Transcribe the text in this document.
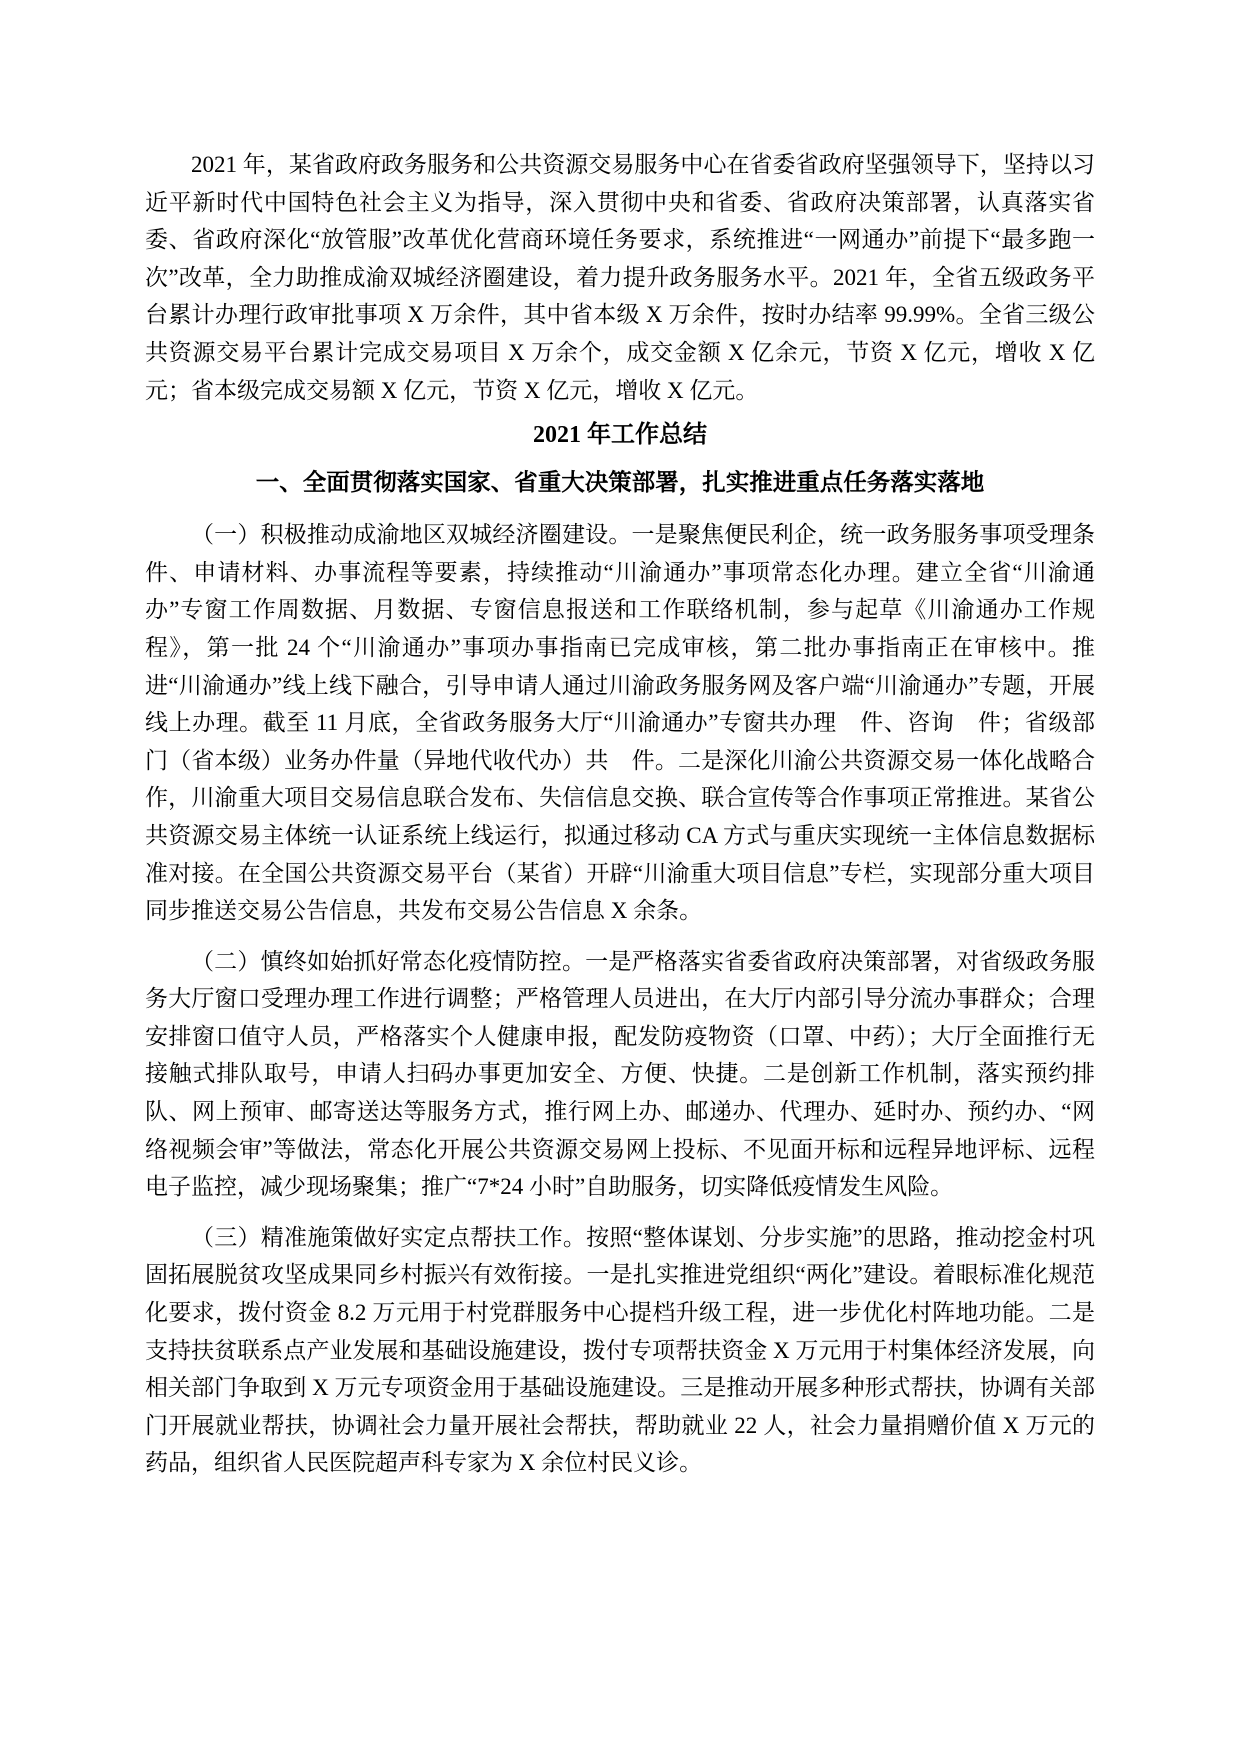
2021 年，某省政府政务服务和公共资源交易服务中心在省委省政府坚强领导下，坚持以习近平新时代中国特色社会主义为指导，深入贯彻中央和省委、省政府决策部署，认真落实省委、省政府深化“放管服”改革优化营商环境任务要求，系统推进“一网通办”前提下“最多跑一次”改革，全力助推成渝双城经济圈建设，着力提升政务服务水平。2021 年，全省五级政务平台累计办理行政审批事项 X 万余件，其中省本级 X 万余件，按时办结率 99.99%。全省三级公共资源交易平台累计完成交易项目 X 万余个，成交金额 X 亿余元，节资 X 亿元，增收 X 亿元；省本级完成交易额 X 亿元，节资 X 亿元，增收 X 亿元。

2021 年工作总结
一、全面贯彻落实国家、省重大决策部署，扎实推进重点任务落实落地

（一）积极推动成渝地区双城经济圈建设。一是聚焦便民利企，统一政务服务事项受理条件、申请材料、办事流程等要素，持续推动“川渝通办”事项常态化办理。建立全省“川渝通办”专窗工作周数据、月数据、专窗信息报送和工作联络机制，参与起草《川渝通办工作规程》，第一批 24 个“川渝通办”事项办事指南已完成审核，第二批办事指南正在审核中。推进“川渝通办”线上线下融合，引导申请人通过川渝政务服务网及客户端“川渝通办”专题，开展线上办理。截至 11 月底，全省政务服务大厅“川渝通办”专窗共办理　件、咨询　件；省级部门（省本级）业务办件量（异地代收代办）共　件。二是深化川渝公共资源交易一体化战略合作，川渝重大项目交易信息联合发布、失信信息交换、联合宣传等合作事项正常推进。某省公共资源交易主体统一认证系统上线运行，拟通过移动 CA 方式与重庆实现统一主体信息数据标准对接。在全国公共资源交易平台（某省）开辟“川渝重大项目信息”专栏，实现部分重大项目同步推送交易公告信息，共发布交易公告信息 X 余条。

（二）慎终如始抓好常态化疫情防控。一是严格落实省委省政府决策部署，对省级政务服务大厅窗口受理办理工作进行调整；严格管理人员进出，在大厅内部引导分流办事群众；合理安排窗口值守人员，严格落实个人健康申报，配发防疫物资（口罩、中药）；大厅全面推行无接触式排队取号，申请人扫码办事更加安全、方便、快捷。二是创新工作机制，落实预约排队、网上预审、邮寄送达等服务方式，推行网上办、邮递办、代理办、延时办、预约办、“网络视频会审”等做法，常态化开展公共资源交易网上投标、不见面开标和远程异地评标、远程电子监控，减少现场聚集；推广“7*24 小时”自助服务，切实降低疫情发生风险。

（三）精准施策做好实定点帮扶工作。按照“整体谋划、分步实施”的思路，推动挖金村巩固拓展脱贫攻坚成果同乡村振兴有效衔接。一是扎实推进党组织“两化”建设。着眼标准化规范化要求，拨付资金 8.2 万元用于村党群服务中心提档升级工程，进一步优化村阵地功能。二是支持扶贫联系点产业发展和基础设施建设，拨付专项帮扶资金 X 万元用于村集体经济发展，向相关部门争取到 X 万元专项资金用于基础设施建设。三是推动开展多种形式帮扶，协调有关部门开展就业帮扶，协调社会力量开展社会帮扶，帮助就业 22 人，社会力量捐赠价值 X 万元的药品，组织省人民医院超声科专家为 X 余位村民义诊。
